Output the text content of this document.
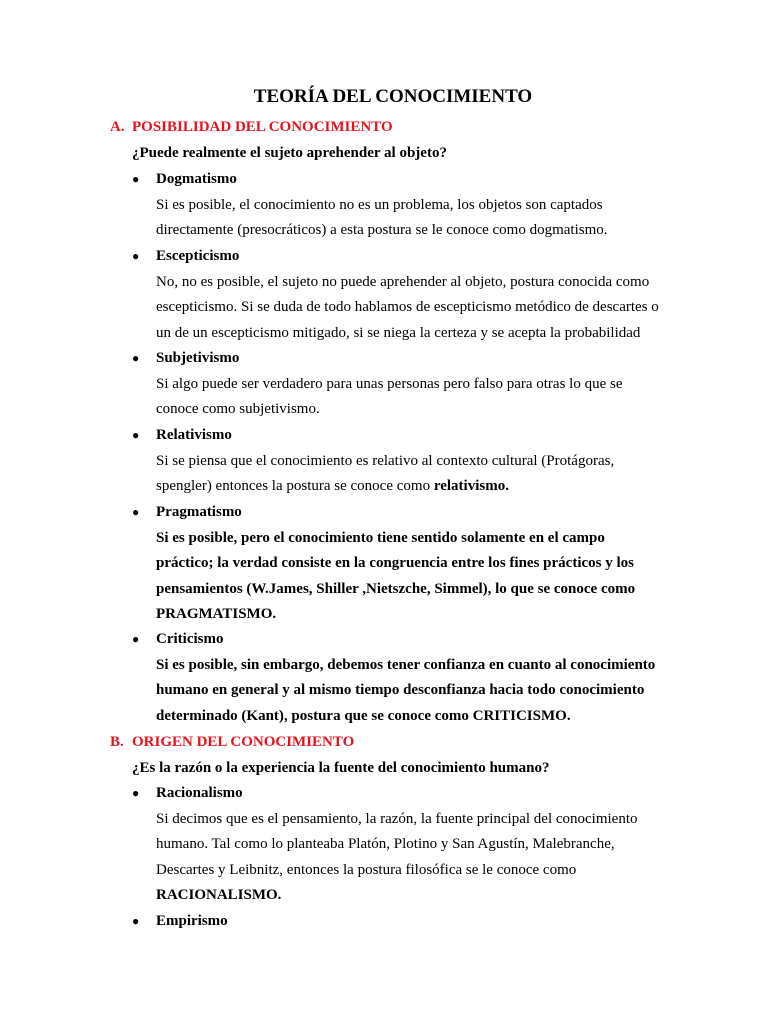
TEORÍA DEL CONOCIMIENTO
A. POSIBILIDAD DEL CONOCIMIENTO
¿Puede realmente el sujeto aprehender al objeto?
● Dogmatismo
Si es posible, el conocimiento no es un problema, los objetos son captados
directamente (presocráticos) a esta postura se le conoce como dogmatismo.
● Escepticismo
No, no es posible, el sujeto no puede aprehender al objeto, postura conocida como
escepticismo. Si se duda de todo hablamos de escepticismo metódico de descartes o
un de un escepticismo mitigado, si se niega la certeza y se acepta la probabilidad
● Subjetivismo
Si algo puede ser verdadero para unas personas pero falso para otras lo que se
conoce como subjetivismo.
● Relativismo
Si se piensa que el conocimiento es relativo al contexto cultural (Protágoras,
spengler) entonces la postura se conoce como relativismo.
● Pragmatismo
Si es posible, pero el conocimiento tiene sentido solamente en el campo
práctico; la verdad consiste en la congruencia entre los fines prácticos y los
pensamientos (W.James, Shiller ,Nietszche, Simmel), lo que se conoce como
PRAGMATISMO.
● Criticismo
Si es posible, sin embargo, debemos tener confianza en cuanto al conocimiento
humano en general y al mismo tiempo desconfianza hacia todo conocimiento
determinado (Kant), postura que se conoce como CRITICISMO.
B. ORIGEN DEL CONOCIMIENTO
¿Es la razón o la experiencia la fuente del conocimiento humano?
● Racionalismo
Si decimos que es el pensamiento, la razón, la fuente principal del conocimiento
humano. Tal como lo planteaba Platón, Plotino y San Agustín, Malebranche,
Descartes y Leibnitz, entonces la postura filosófica se le conoce como
RACIONALISMO.
● Empirismo
